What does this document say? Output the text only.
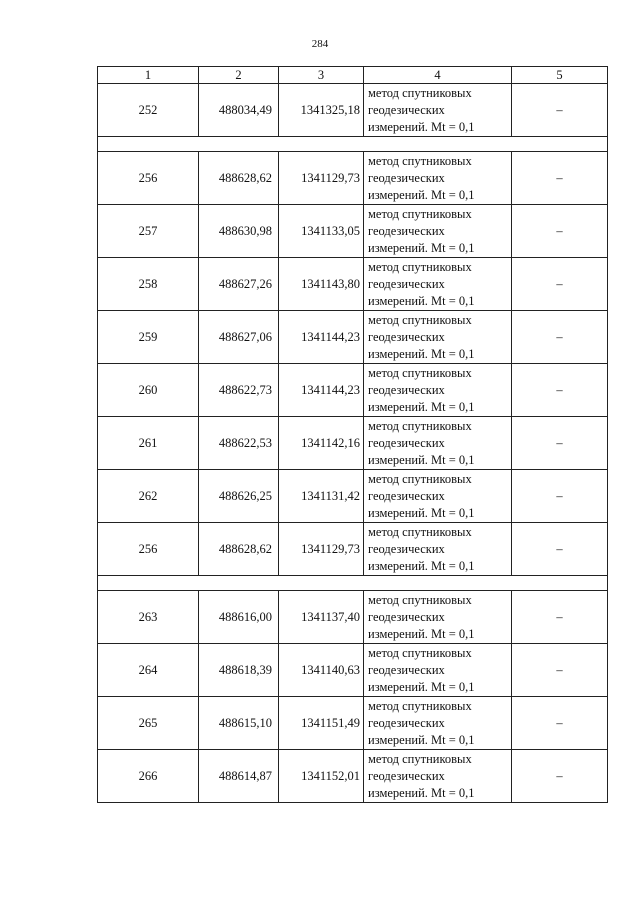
284
1	2	3	4	5
252	488034,49	1341325,18	метод спутниковых
геодезических
измерений. Mt = 0,1	–

256	488628,62	1341129,73	метод спутниковых
геодезических
измерений. Mt = 0,1	–
257	488630,98	1341133,05	метод спутниковых
геодезических
измерений. Mt = 0,1	–
258	488627,26	1341143,80	метод спутниковых
геодезических
измерений. Mt = 0,1	–
259	488627,06	1341144,23	метод спутниковых
геодезических
измерений. Mt = 0,1	–
260	488622,73	1341144,23	метод спутниковых
геодезических
измерений. Mt = 0,1	–
261	488622,53	1341142,16	метод спутниковых
геодезических
измерений. Mt = 0,1	–
262	488626,25	1341131,42	метод спутниковых
геодезических
измерений. Mt = 0,1	–
256	488628,62	1341129,73	метод спутниковых
геодезических
измерений. Mt = 0,1	–

263	488616,00	1341137,40	метод спутниковых
геодезических
измерений. Mt = 0,1	–
264	488618,39	1341140,63	метод спутниковых
геодезических
измерений. Mt = 0,1	–
265	488615,10	1341151,49	метод спутниковых
геодезических
измерений. Mt = 0,1	–
266	488614,87	1341152,01	метод спутниковых
геодезических
измерений. Mt = 0,1	–
